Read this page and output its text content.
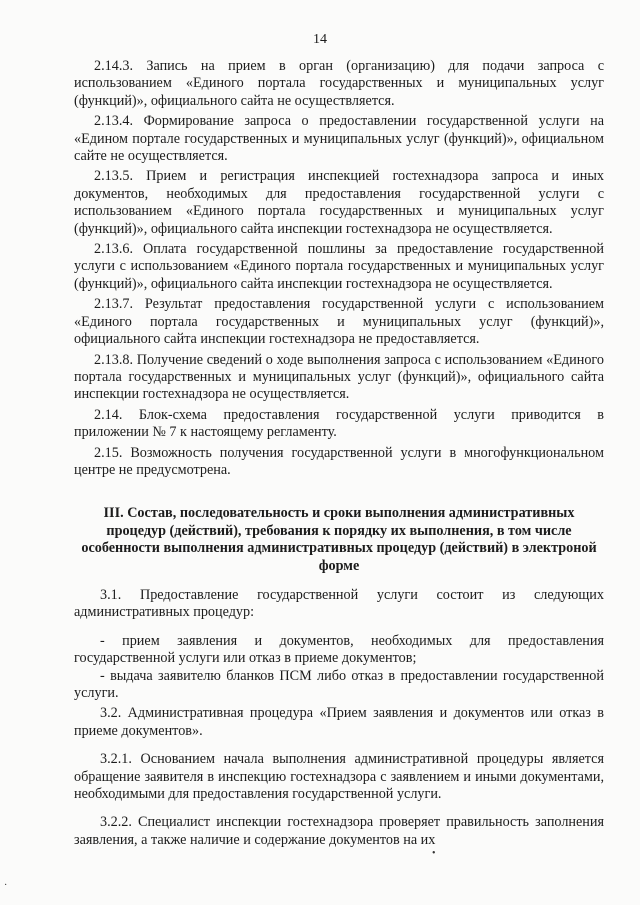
14

2.14.3. Запись на прием в орган (организацию) для подачи запроса с использованием «Единого портала государственных и муниципальных услуг (функций)», официального сайта не осуществляется.

2.13.4. Формирование запроса о предоставлении государственной услуги на «Едином портале государственных и муниципальных услуг (функций)», официальном сайте не осуществляется.

2.13.5. Прием и регистрация инспекцией гостехнадзора запроса и иных документов, необходимых для предоставления государственной услуги с использованием «Единого портала государственных и муниципальных услуг (функций)», официального сайта инспекции гостехнадзора не осуществляется.

2.13.6. Оплата государственной пошлины за предоставление государственной услуги с использованием «Единого портала государственных и муниципальных услуг (функций)», официального сайта инспекции гостехнадзора не осуществляется.

2.13.7. Результат предоставления государственной услуги с использованием «Единого портала государственных и муниципальных услуг (функций)», официального сайта инспекции гостехнадзора не предоставляется.

2.13.8. Получение сведений о ходе выполнения запроса с использованием «Единого портала государственных и муниципальных услуг (функций)», официального сайта инспекции гостехнадзора не осуществляется.

2.14. Блок-схема предоставления государственной услуги приводится в приложении № 7 к настоящему регламенту.

2.15. Возможность получения государственной услуги в многофункциональном центре не предусмотрена.

III. Состав, последовательность и сроки выполнения административных процедур (действий), требования к порядку их выполнения, в том числе особенности выполнения административных процедур (действий) в электроной форме

3.1. Предоставление государственной услуги состоит из следующих административных процедур:

- прием заявления и документов, необходимых для предоставления государственной услуги или отказ в приеме документов;

- выдача заявителю бланков ПСМ либо отказ в предоставлении государственной услуги.

3.2. Административная процедура «Прием заявления и документов или отказ в приеме документов».

3.2.1. Основанием начала выполнения административной процедуры является обращение заявителя в инспекцию гостехнадзора с заявлением и иными документами, необходимыми для предоставления государственной услуги.

3.2.2. Специалист инспекции гостехнадзора проверяет правильность заполнения заявления, а также наличие и содержание документов на их

•
·
